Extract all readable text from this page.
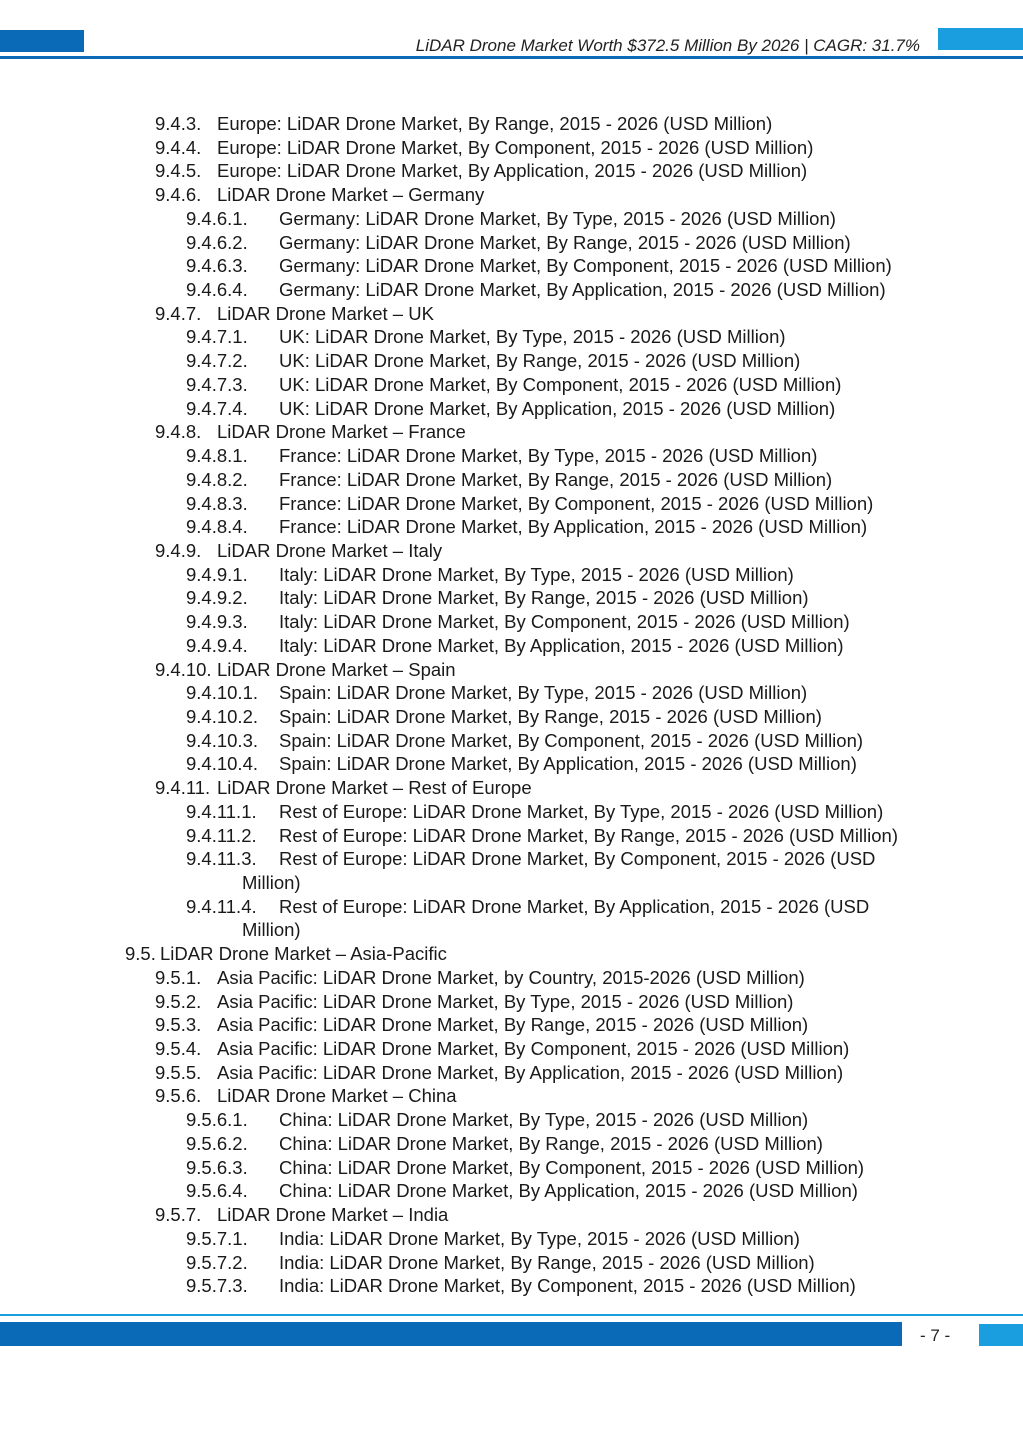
LiDAR Drone Market Worth $372.5 Million By 2026 | CAGR: 31.7%
9.4.3. Europe: LiDAR Drone Market, By Range, 2015 - 2026 (USD Million)
9.4.4. Europe: LiDAR Drone Market, By Component, 2015 - 2026 (USD Million)
9.4.5. Europe: LiDAR Drone Market, By Application, 2015 - 2026 (USD Million)
9.4.6. LiDAR Drone Market – Germany
9.4.6.1. Germany: LiDAR Drone Market, By Type, 2015 - 2026 (USD Million)
9.4.6.2. Germany: LiDAR Drone Market, By Range, 2015 - 2026 (USD Million)
9.4.6.3. Germany: LiDAR Drone Market, By Component, 2015 - 2026 (USD Million)
9.4.6.4. Germany: LiDAR Drone Market, By Application, 2015 - 2026 (USD Million)
9.4.7. LiDAR Drone Market – UK
9.4.7.1. UK: LiDAR Drone Market, By Type, 2015 - 2026 (USD Million)
9.4.7.2. UK: LiDAR Drone Market, By Range, 2015 - 2026 (USD Million)
9.4.7.3. UK: LiDAR Drone Market, By Component, 2015 - 2026 (USD Million)
9.4.7.4. UK: LiDAR Drone Market, By Application, 2015 - 2026 (USD Million)
9.4.8. LiDAR Drone Market – France
9.4.8.1. France: LiDAR Drone Market, By Type, 2015 - 2026 (USD Million)
9.4.8.2. France: LiDAR Drone Market, By Range, 2015 - 2026 (USD Million)
9.4.8.3. France: LiDAR Drone Market, By Component, 2015 - 2026 (USD Million)
9.4.8.4. France: LiDAR Drone Market, By Application, 2015 - 2026 (USD Million)
9.4.9. LiDAR Drone Market – Italy
9.4.9.1. Italy: LiDAR Drone Market, By Type, 2015 - 2026 (USD Million)
9.4.9.2. Italy: LiDAR Drone Market, By Range, 2015 - 2026 (USD Million)
9.4.9.3. Italy: LiDAR Drone Market, By Component, 2015 - 2026 (USD Million)
9.4.9.4. Italy: LiDAR Drone Market, By Application, 2015 - 2026 (USD Million)
9.4.10. LiDAR Drone Market – Spain
9.4.10.1. Spain: LiDAR Drone Market, By Type, 2015 - 2026 (USD Million)
9.4.10.2. Spain: LiDAR Drone Market, By Range, 2015 - 2026 (USD Million)
9.4.10.3. Spain: LiDAR Drone Market, By Component, 2015 - 2026 (USD Million)
9.4.10.4. Spain: LiDAR Drone Market, By Application, 2015 - 2026 (USD Million)
9.4.11. LiDAR Drone Market – Rest of Europe
9.4.11.1. Rest of Europe: LiDAR Drone Market, By Type, 2015 - 2026 (USD Million)
9.4.11.2. Rest of Europe: LiDAR Drone Market, By Range, 2015 - 2026 (USD Million)
9.4.11.3. Rest of Europe: LiDAR Drone Market, By Component, 2015 - 2026 (USD
Million)
9.4.11.4. Rest of Europe: LiDAR Drone Market, By Application, 2015 - 2026 (USD
Million)
9.5. LiDAR Drone Market – Asia-Pacific
9.5.1. Asia Pacific: LiDAR Drone Market, by Country, 2015-2026 (USD Million)
9.5.2. Asia Pacific: LiDAR Drone Market, By Type, 2015 - 2026 (USD Million)
9.5.3. Asia Pacific: LiDAR Drone Market, By Range, 2015 - 2026 (USD Million)
9.5.4. Asia Pacific: LiDAR Drone Market, By Component, 2015 - 2026 (USD Million)
9.5.5. Asia Pacific: LiDAR Drone Market, By Application, 2015 - 2026 (USD Million)
9.5.6. LiDAR Drone Market – China
9.5.6.1. China: LiDAR Drone Market, By Type, 2015 - 2026 (USD Million)
9.5.6.2. China: LiDAR Drone Market, By Range, 2015 - 2026 (USD Million)
9.5.6.3. China: LiDAR Drone Market, By Component, 2015 - 2026 (USD Million)
9.5.6.4. China: LiDAR Drone Market, By Application, 2015 - 2026 (USD Million)
9.5.7. LiDAR Drone Market – India
9.5.7.1. India: LiDAR Drone Market, By Type, 2015 - 2026 (USD Million)
9.5.7.2. India: LiDAR Drone Market, By Range, 2015 - 2026 (USD Million)
9.5.7.3. India: LiDAR Drone Market, By Component, 2015 - 2026 (USD Million)
- 7 -
